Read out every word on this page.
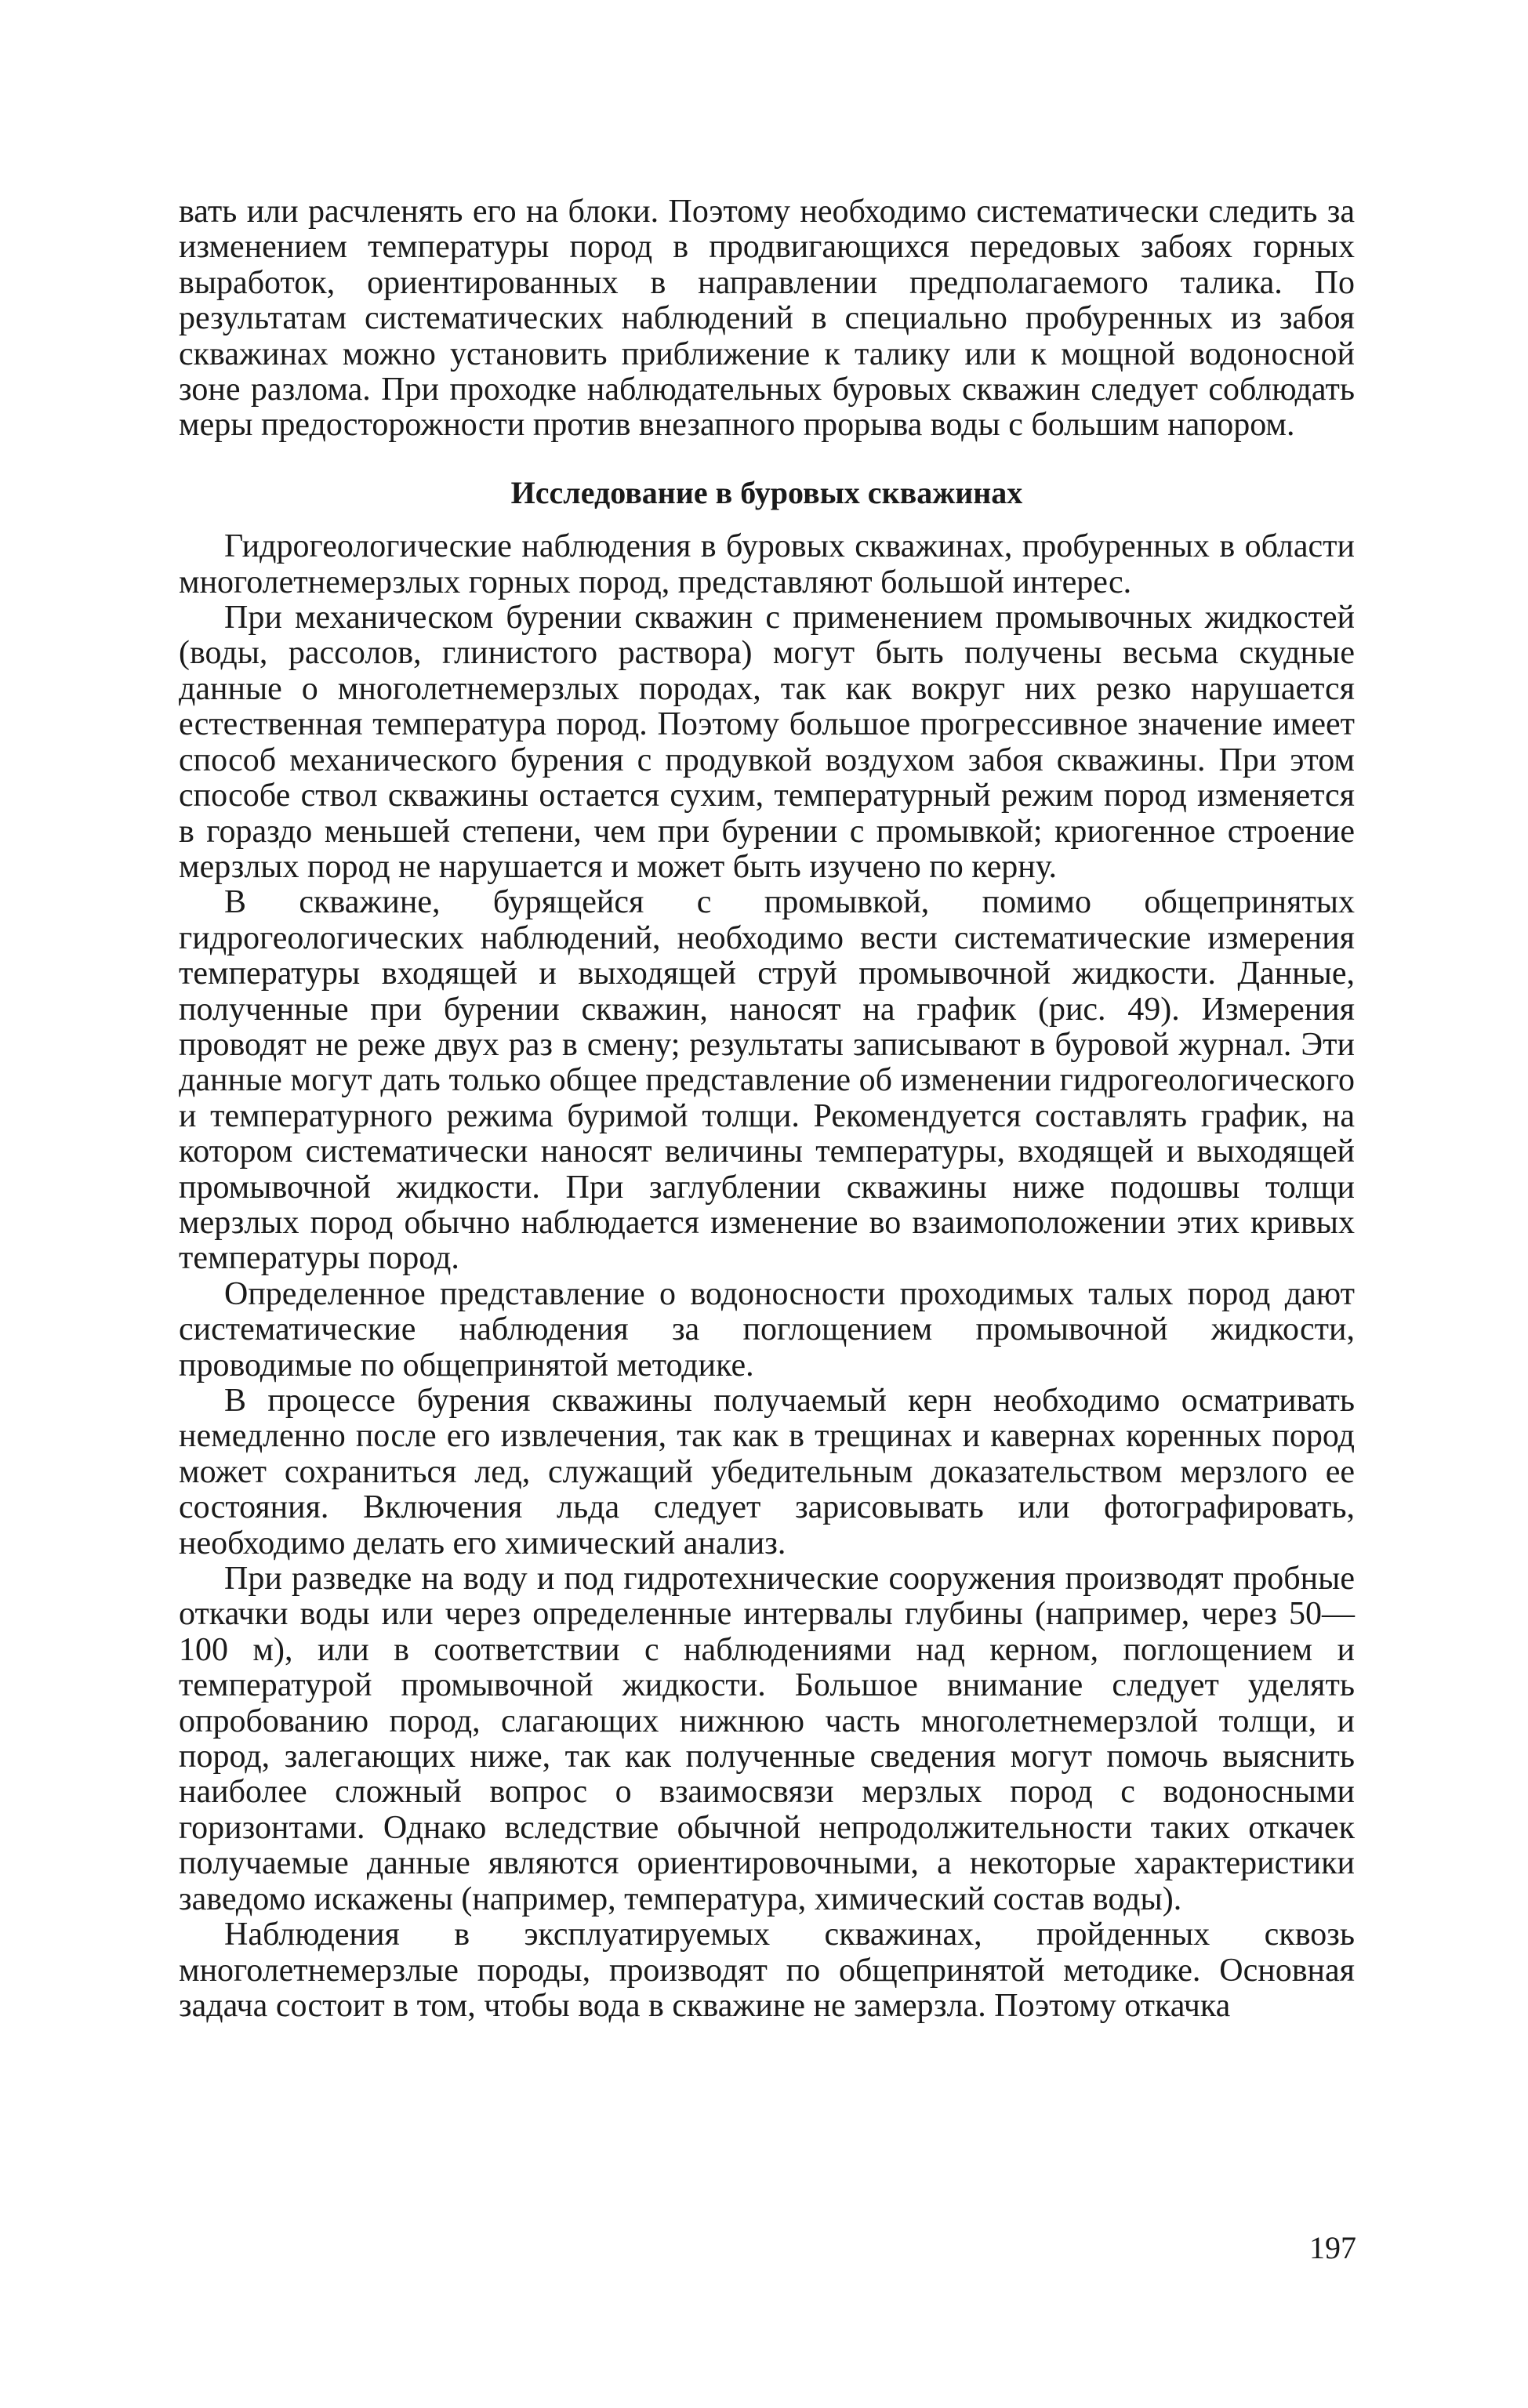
вать или расчленять его на блоки. Поэтому необходимо систематически следить за изменением температуры пород в продвигающихся передовых забоях горных выработок, ориентированных в направлении предполагаемого талика. По результатам систематических наблюдений в специально пробуренных из забоя скважинах можно установить приближение к талику или к мощной водоносной зоне разлома. При проходке наблюдательных буровых скважин следует соблюдать меры предосторожности против внезапного прорыва воды с большим напором.

Исследование в буровых скважинах

Гидрогеологические наблюдения в буровых скважинах, пробуренных в области многолетнемерзлых горных пород, представляют большой интерес.

При механическом бурении скважин с применением промывочных жидкостей (воды, рассолов, глинистого раствора) могут быть получены весьма скудные данные о многолетнемерзлых породах, так как вокруг них резко нарушается естественная температура пород. Поэтому большое прогрессивное значение имеет способ механического бурения с продувкой воздухом забоя скважины. При этом способе ствол скважины остается сухим, температурный режим пород изменяется в гораздо меньшей степени, чем при бурении с промывкой; криогенное строение мерзлых пород не нарушается и может быть изучено по керну.

В скважине, бурящейся с промывкой, помимо общепринятых гидрогеологических наблюдений, необходимо вести систематические измерения температуры входящей и выходящей струй промывочной жидкости. Данные, полученные при бурении скважин, наносят на график (рис. 49). Измерения проводят не реже двух раз в смену; результаты записывают в буровой журнал. Эти данные могут дать только общее представление об изменении гидрогеологического и температурного режима буримой толщи. Рекомендуется составлять график, на котором систематически наносят величины температуры, входящей и выходящей промывочной жидкости. При заглублении скважины ниже подошвы толщи мерзлых пород обычно наблюдается изменение во взаимоположении этих кривых температуры пород.

Определенное представление о водоносности проходимых талых пород дают систематические наблюдения за поглощением промывочной жидкости, проводимые по общепринятой методике.

В процессе бурения скважины получаемый керн необходимо осматривать немедленно после его извлечения, так как в трещинах и кавернах коренных пород может сохраниться лед, служащий убедительным доказательством мерзлого ее состояния. Включения льда следует зарисовывать или фотографировать, необходимо делать его химический анализ.

При разведке на воду и под гидротехнические сооружения производят пробные откачки воды или через определенные интервалы глубины (например, через 50—100 м), или в соответствии с наблюдениями над керном, поглощением и температурой промывочной жидкости. Большое внимание следует уделять опробованию пород, слагающих нижнюю часть многолетнемерзлой толщи, и пород, залегающих ниже, так как полученные сведения могут помочь выяснить наиболее сложный вопрос о взаимосвязи мерзлых пород с водоносными горизонтами. Однако вследствие обычной непродолжительности таких откачек получаемые данные являются ориентировочными, а некоторые характеристики заведомо искажены (например, температура, химический состав воды).

Наблюдения в эксплуатируемых скважинах, пройденных сквозь многолетнемерзлые породы, производят по общепринятой методике. Основная задача состоит в том, чтобы вода в скважине не замерзла. Поэтому откачка

197
